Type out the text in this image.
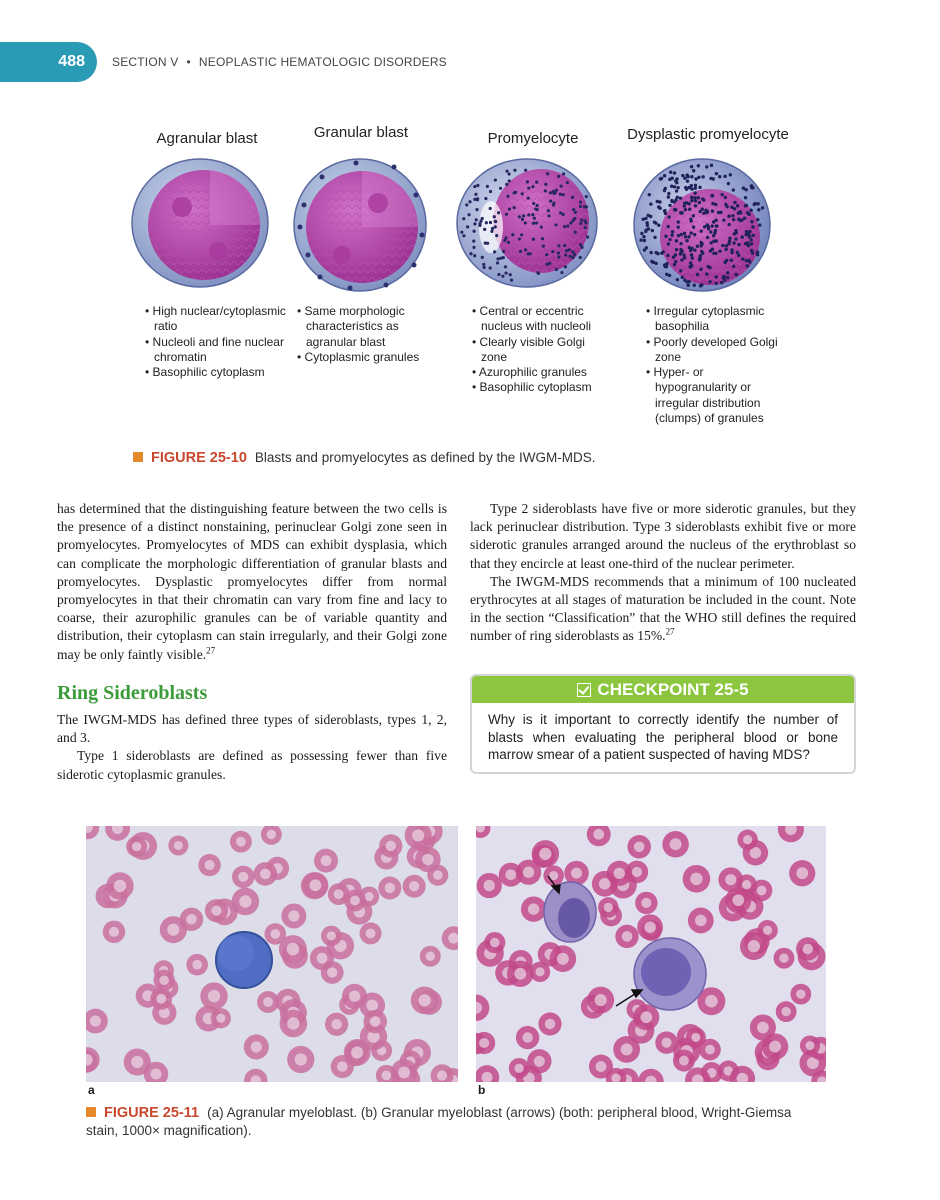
488	SECTION V • NEOPLASTIC HEMATOLOGIC DISORDERS
Agranular blast	Granular blast	Promyelocyte	Dysplastic promyelocyte
• High nuclear/cytoplasmic ratio
• Nucleoli and fine nuclear chromatin
• Basophilic cytoplasm
• Same morphologic characteristics as agranular blast
• Cytoplasmic granules
• Central or eccentric nucleus with nucleoli
• Clearly visible Golgi zone
• Azurophilic granules
• Basophilic cytoplasm
• Irregular cytoplasmic basophilia
• Poorly developed Golgi zone
• Hyper- or hypogranularity or irregular distribution (clumps) of granules
FIGURE 25-10 Blasts and promyelocytes as defined by the IWGM-MDS.

has determined that the distinguishing feature between the two cells is the presence of a distinct nonstaining, perinuclear Golgi zone seen in promyelocytes. Promyelocytes of MDS can exhibit dysplasia, which can complicate the morphologic differentiation of granular blasts and promyelocytes. Dysplastic promyelocytes differ from normal promyelocytes in that their chromatin can vary from fine and lacy to coarse, their azurophilic granules can be of variable quantity and distribution, their cytoplasm can stain irregularly, and their Golgi zone may be only faintly visible.$^{27}$

Ring Sideroblasts

The IWGM-MDS has defined three types of sideroblasts, types 1, 2, and 3.

Type 1 sideroblasts are defined as possessing fewer than five siderotic cytoplasmic granules.

Type 2 sideroblasts have five or more siderotic granules, but they lack perinuclear distribution. Type 3 sideroblasts exhibit five or more siderotic granules arranged around the nucleus of the erythroblast so that they encircle at least one-third of the nuclear perimeter.

The IWGM-MDS recommends that a minimum of 100 nucleated erythrocytes at all stages of maturation be included in the count. Note in the section “Classification” that the WHO still defines the required number of ring sideroblasts as 15%.$^{27}$

CHECKPOINT 25-5
Why is it important to correctly identify the number of blasts when evaluating the peripheral blood or bone marrow smear of a patient suspected of having MDS?
a	b
FIGURE 25-11 (a) Agranular myeloblast. (b) Granular myeloblast (arrows) (both: peripheral blood, Wright-Giemsa stain, 1000× magnification).
